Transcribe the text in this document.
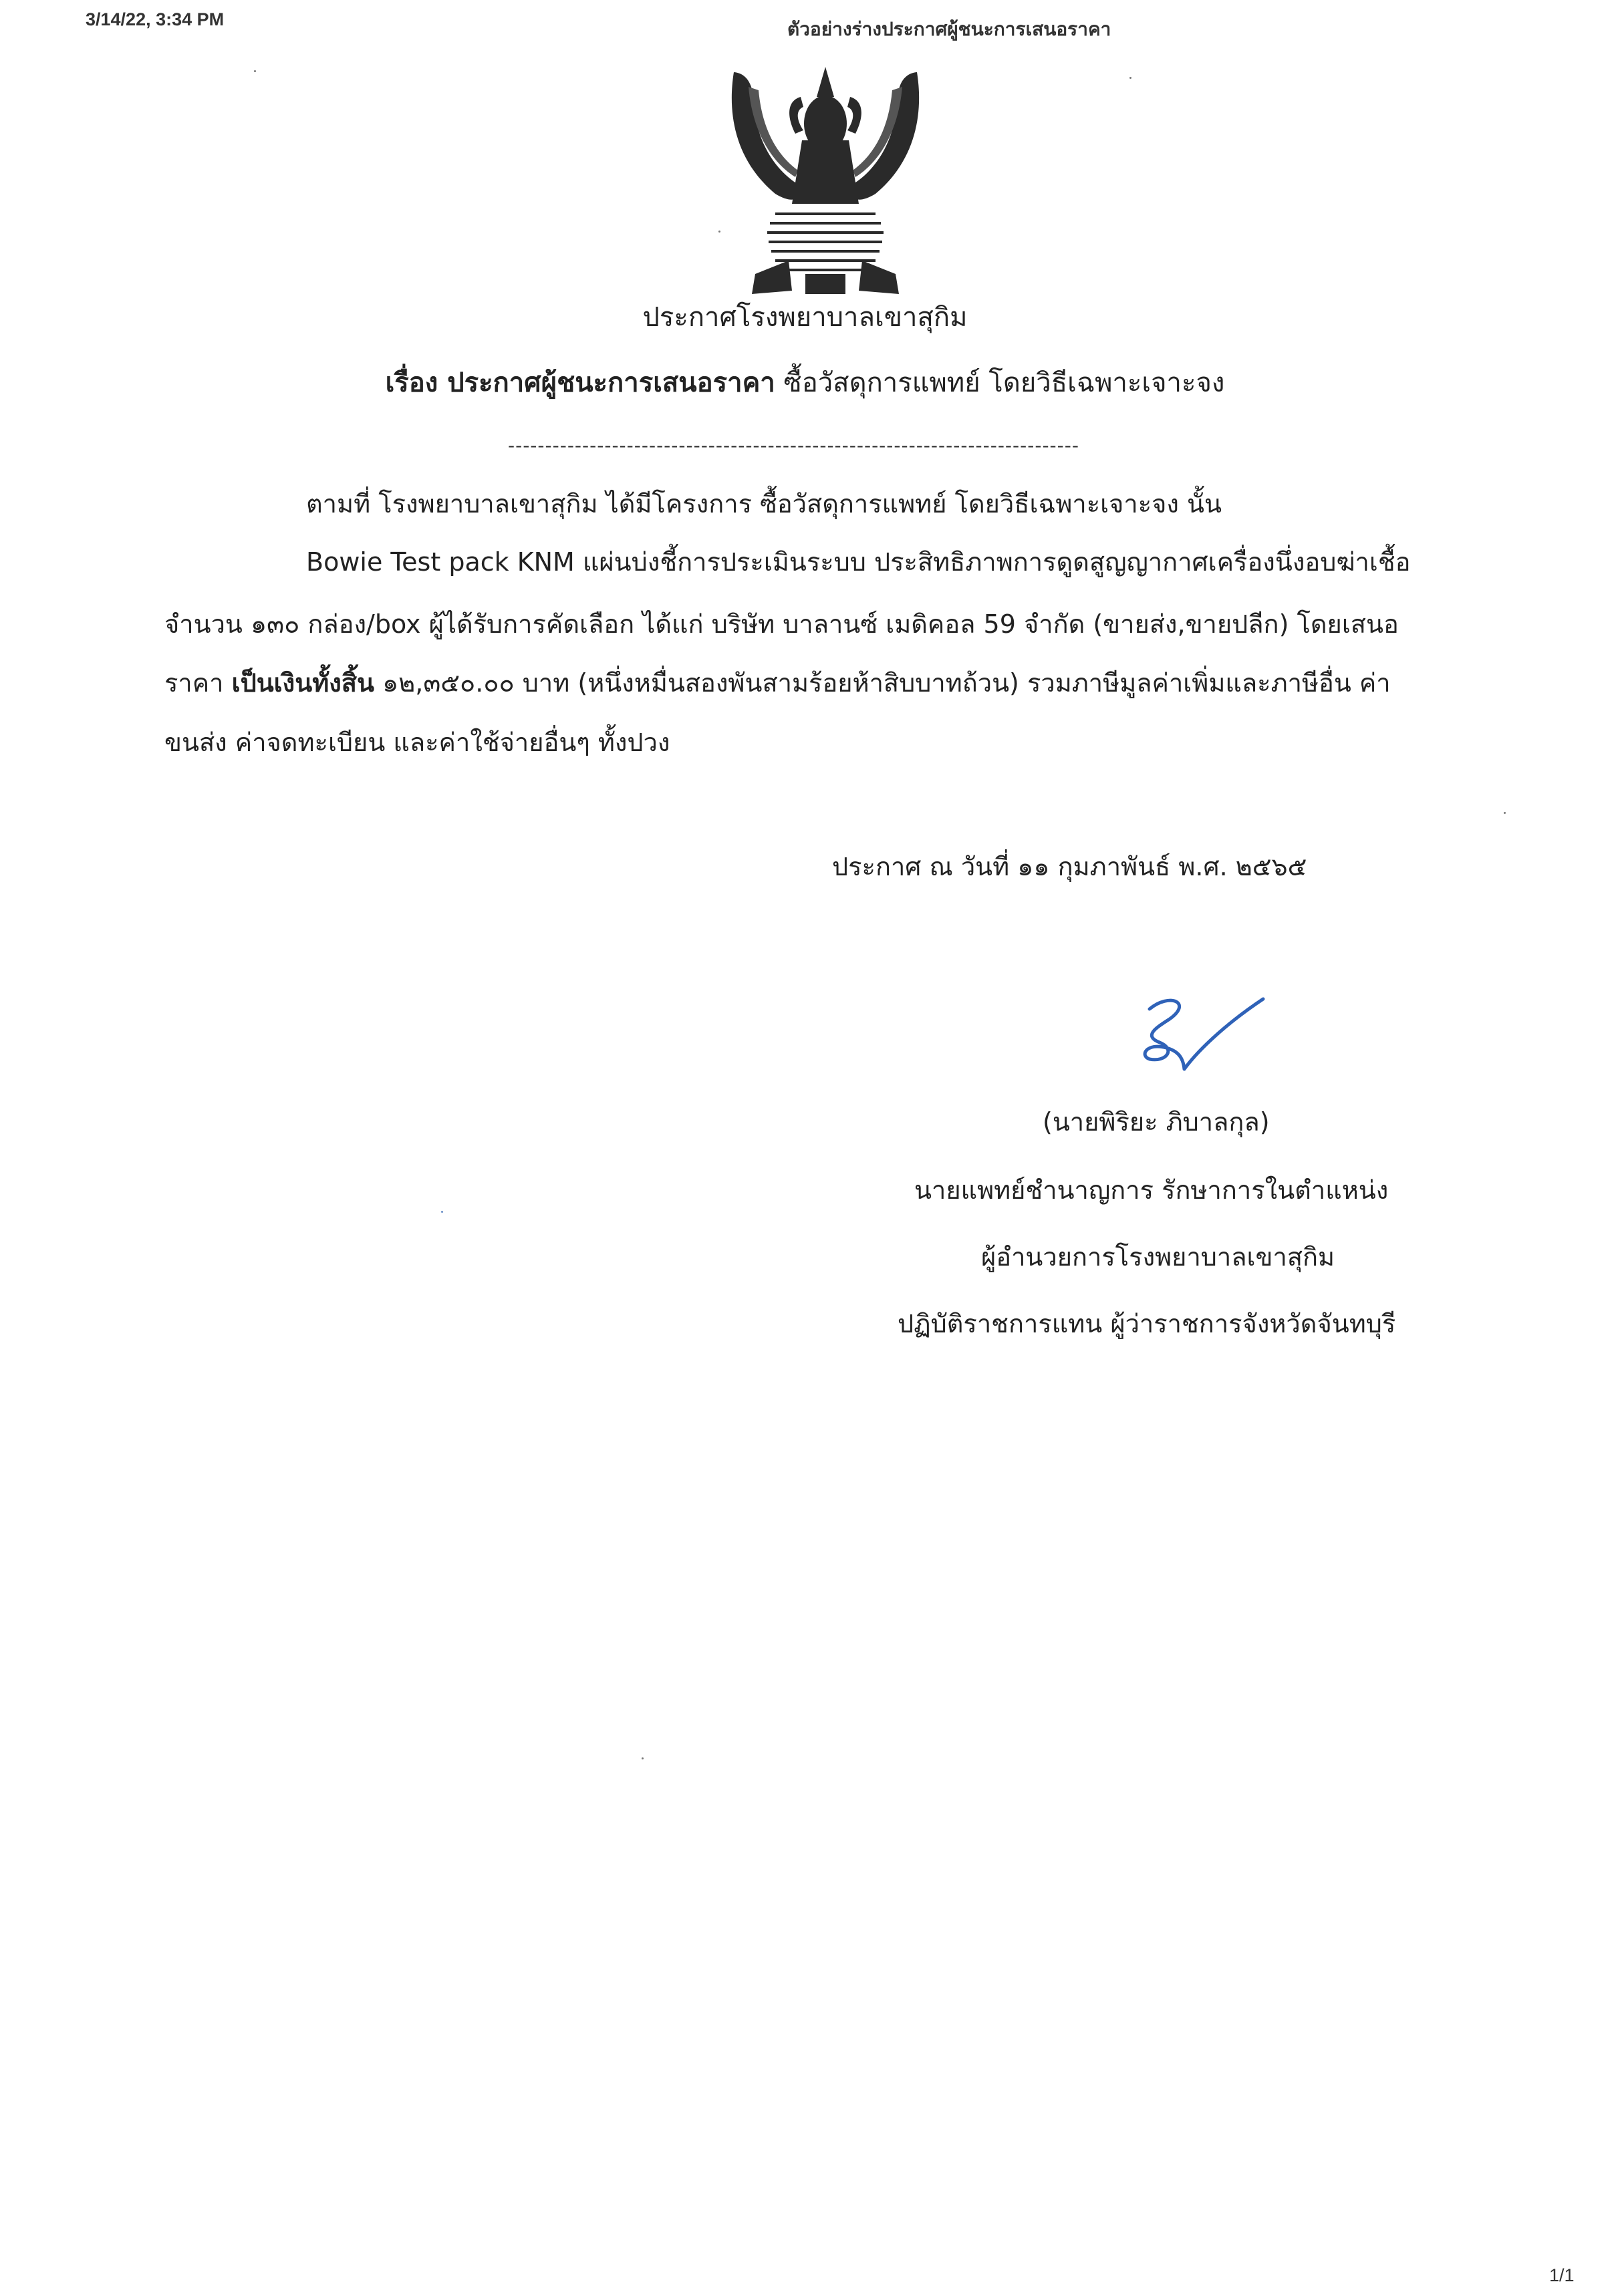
3/14/22, 3:34 PM	ตัวอย่างร่างประกาศผู้ชนะการเสนอราคา
1/1
ประกาศโรงพยาบาลเขาสุกิม
เรื่อง ประกาศผู้ชนะการเสนอราคา ซื้อวัสดุการแพทย์ โดยวิธีเฉพาะเจาะจง
-----------------------------------------------------------------------------
ตามที่ โรงพยาบาลเขาสุกิม ได้มีโครงการ ซื้อวัสดุการแพทย์ โดยวิธีเฉพาะเจาะจง นั้น
Bowie Test pack KNM แผ่นบ่งชี้การประเมินระบบ ประสิทธิภาพการดูดสูญญากาศเครื่องนึ่งอบฆ่าเชื้อ
จำนวน ๑๓๐ กล่อง/box ผู้ได้รับการคัดเลือก ได้แก่ บริษัท บาลานซ์ เมดิคอล 59 จำกัด (ขายส่ง,ขายปลีก) โดยเสนอ
ราคา เป็นเงินทั้งสิ้น ๑๒,๓๕๐.๐๐ บาท (หนึ่งหมื่นสองพันสามร้อยห้าสิบบาทถ้วน) รวมภาษีมูลค่าเพิ่มและภาษีอื่น ค่า
ขนส่ง ค่าจดทะเบียน และค่าใช้จ่ายอื่นๆ ทั้งปวง
ประกาศ ณ วันที่ ๑๑ กุมภาพันธ์ พ.ศ. ๒๕๖๕
(นายพิริยะ ภิบาลกุล)
นายแพทย์ชำนาญการ รักษาการในตำแหน่ง
ผู้อำนวยการโรงพยาบาลเขาสุกิม
ปฏิบัติราชการแทน ผู้ว่าราชการจังหวัดจันทบุรี
